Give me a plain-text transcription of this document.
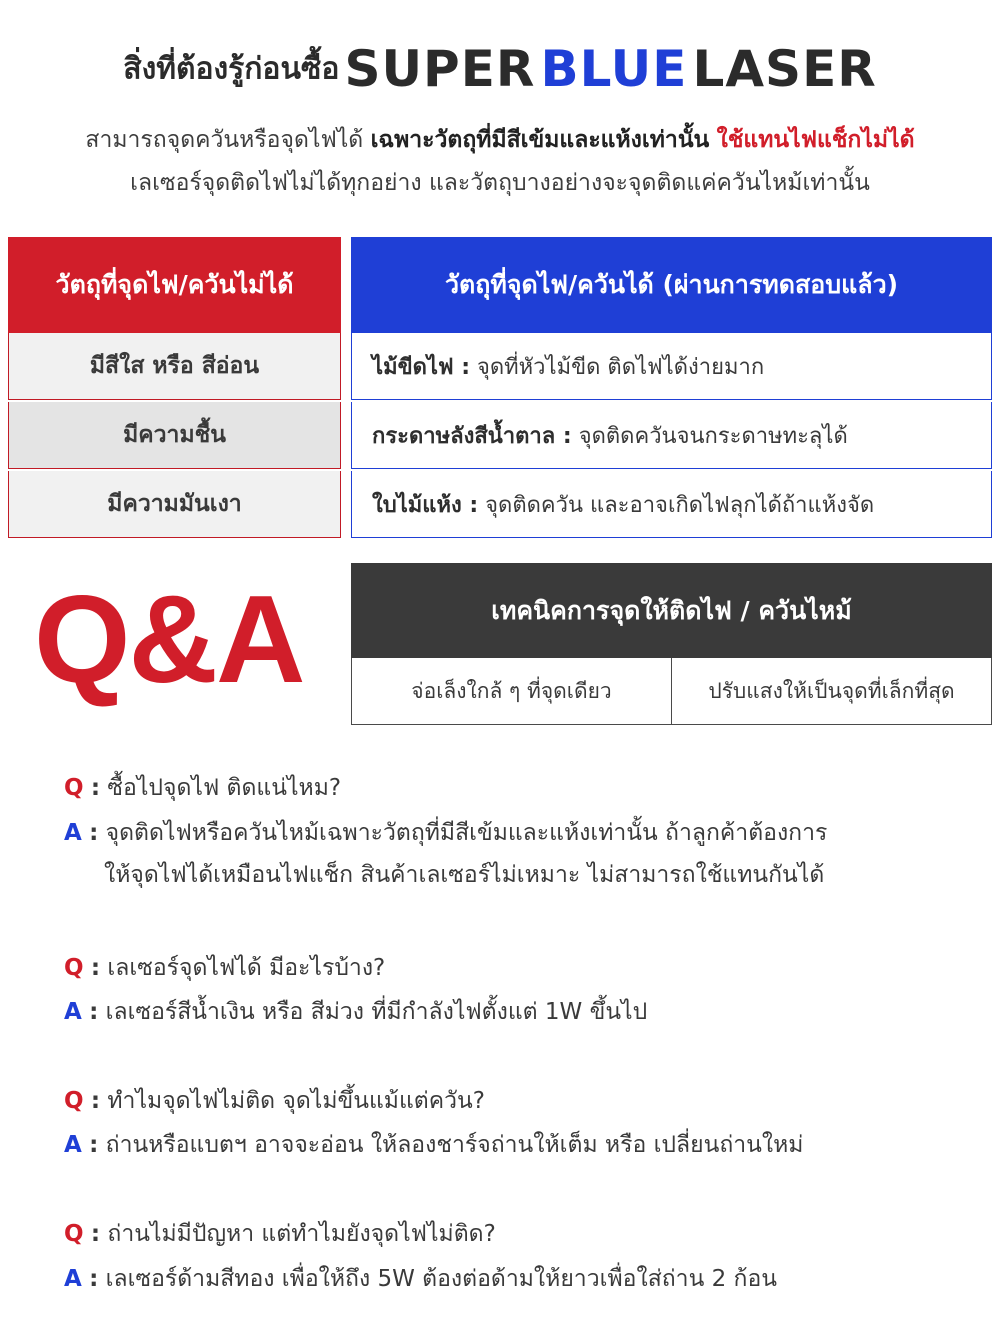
สิ่งที่ต้องรู้ก่อนซื้อ SUPER BLUE LASER
สามารถจุดควันหรือจุดไฟได้ เฉพาะวัตถุที่มีสีเข้มและแห้งเท่านั้น ใช้แทนไฟแช็กไม่ได้
เลเซอร์จุดติดไฟไม่ได้ทุกอย่าง และวัตถุบางอย่างจะจุดติดแค่ควันไหม้เท่านั้น
วัตถุที่จุดไฟ/ควันไม่ได้
มีสีใส หรือ สีอ่อน
มีความชื้น
มีความมันเงา
วัตถุที่จุดไฟ/ควันได้ (ผ่านการทดสอบแล้ว)
ไม้ขีดไฟ : จุดที่หัวไม้ขีด ติดไฟได้ง่ายมาก
กระดาษลังสีน้ำตาล : จุดติดควันจนกระดาษทะลุได้
ใบไม้แห้ง : จุดติดควัน และอาจเกิดไฟลุกได้ถ้าแห้งจัด
Q&A	เทคนิคการจุดให้ติดไฟ / ควันไหม้
จ่อเล็งใกล้ ๆ ที่จุดเดียว	ปรับแสงให้เป็นจุดที่เล็กที่สุด
Q : ซื้อไปจุดไฟ ติดแน่ไหม?
A : จุดติดไฟหรือควันไหม้เฉพาะวัตถุที่มีสีเข้มและแห้งเท่านั้น ถ้าลูกค้าต้องการ
ให้จุดไฟได้เหมือนไฟแช็ก สินค้าเลเซอร์ไม่เหมาะ ไม่สามารถใช้แทนกันได้
Q : เลเซอร์จุดไฟได้ มีอะไรบ้าง?
A : เลเซอร์สีน้ำเงิน หรือ สีม่วง ที่มีกำลังไฟตั้งแต่ 1W ขึ้นไป
Q : ทำไมจุดไฟไม่ติด จุดไม่ขึ้นแม้แต่ควัน?
A : ถ่านหรือแบตฯ อาจจะอ่อน ให้ลองชาร์จถ่านให้เต็ม หรือ เปลี่ยนถ่านใหม่
Q : ถ่านไม่มีปัญหา แต่ทำไมยังจุดไฟไม่ติด?
A : เลเซอร์ด้ามสีทอง เพื่อให้ถึง 5W ต้องต่อด้ามให้ยาวเพื่อใส่ถ่าน 2 ก้อน
